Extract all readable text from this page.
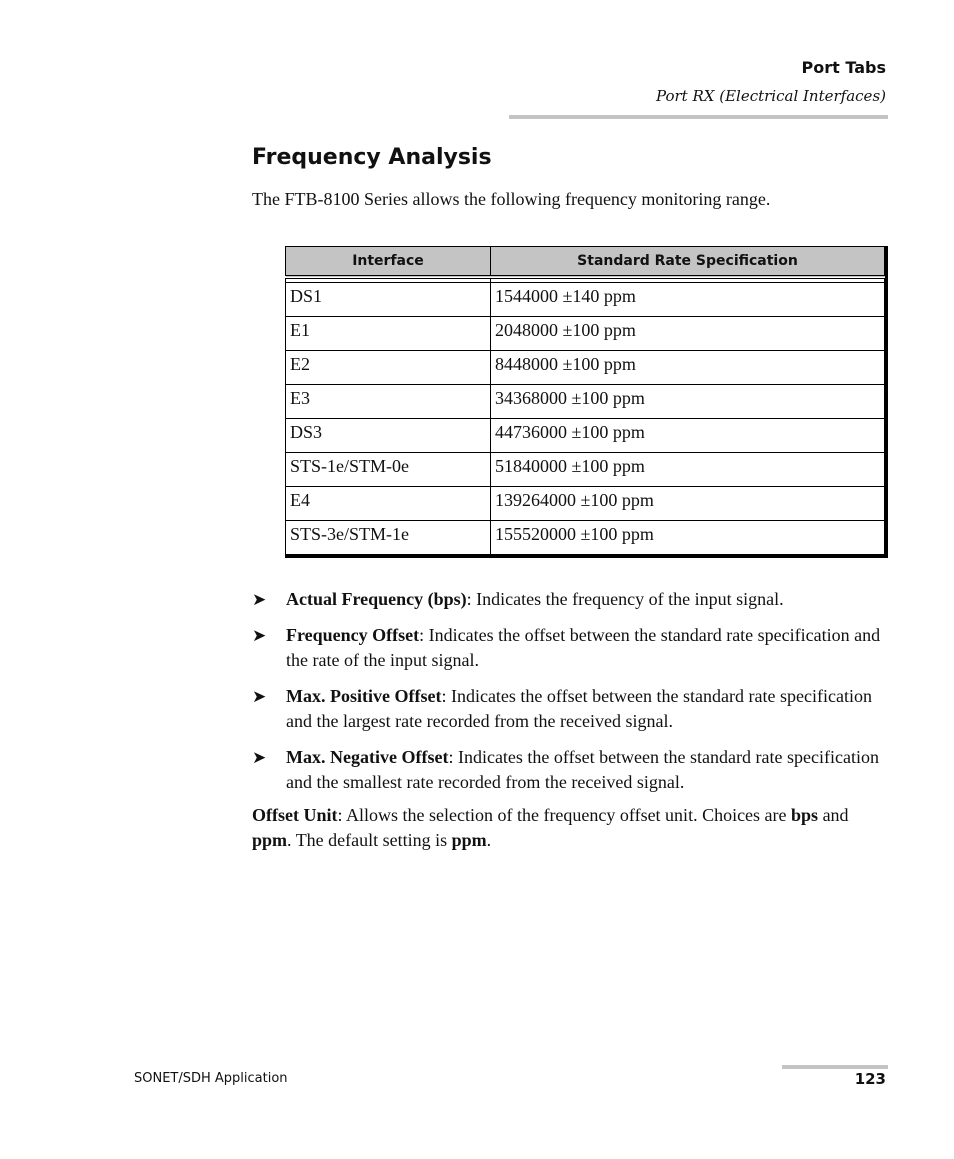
Port Tabs
Port RX (Electrical Interfaces)
Frequency Analysis

The FTB-8100 Series allows the following frequency monitoring range.

Interface	Standard Rate Specification

DS1	1544000 ±140 ppm
E1	2048000 ±100 ppm
E2	8448000 ±100 ppm
E3	34368000 ±100 ppm
DS3	44736000 ±100 ppm
STS-1e/STM-0e	51840000 ±100 ppm
E4	139264000 ±100 ppm
STS-3e/STM-1e	155520000 ±100 ppm
➤ Actual Frequency (bps): Indicates the frequency of the input signal.
➤ Frequency Offset: Indicates the offset between the standard rate specification and the rate of the input signal.
➤ Max. Positive Offset: Indicates the offset between the standard rate specification and the largest rate recorded from the received signal.
➤ Max. Negative Offset: Indicates the offset between the standard rate specification and the smallest rate recorded from the received signal.

Offset Unit: Allows the selection of the frequency offset unit. Choices are bps and ppm. The default setting is ppm.

SONET/SDH Application	123
